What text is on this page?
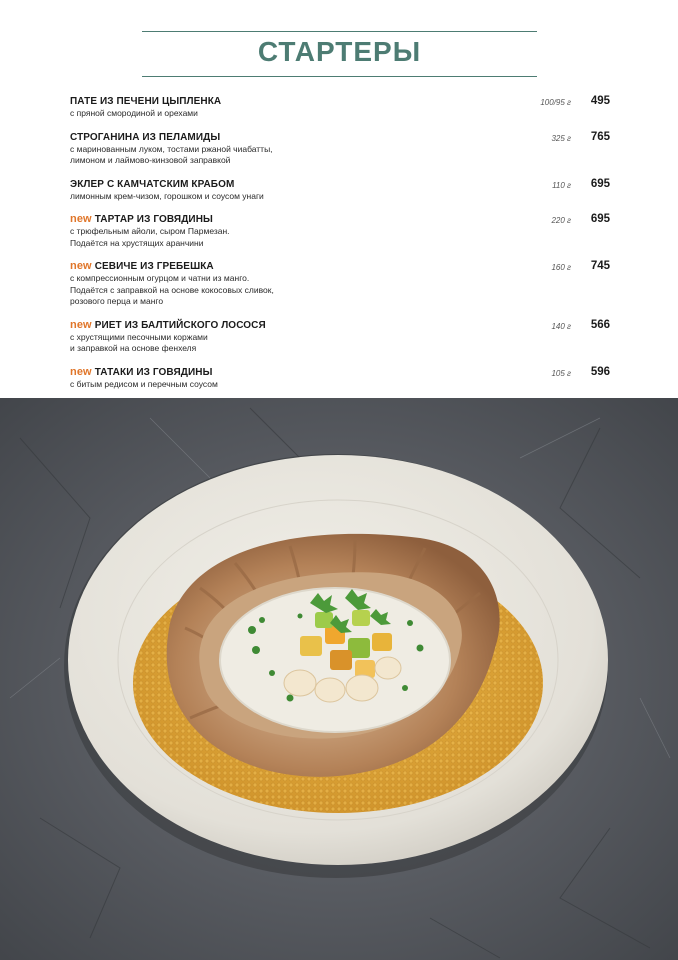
СТАРТЕРЫ
ПАТЕ ИЗ ПЕЧЕНИ ЦЫПЛЕНКА
с пряной смородиной и орехами
100/95 г 495
СТРОГАНИНА ИЗ ПЕЛАМИДЫ
с маринованным луком, тостами ржаной чиабатты,
лимоном и лаймово-кинзовой заправкой
325 г 765
ЭКЛЕР С КАМЧАТСКИМ КРАБОМ
лимонным крем-чизом, горошком и соусом унаги
110 г 695
new ТАРТАР ИЗ ГОВЯДИНЫ
с трюфельным айоли, сыром Пармезан.
Подаётся на хрустящих аранчини
220 г 695
new СЕВИЧЕ ИЗ ГРЕБЕШКА
с компрессионным огурцом и чатни из манго.
Подаётся с заправкой на основе кокосовых сливок,
розового перца и манго
160 г 745
new РИЕТ ИЗ БАЛТИЙСКОГО ЛОСОСЯ
с хрустящими песочными коржами
и заправкой на основе фенхеля
140 г 566
new ТАТАКИ ИЗ ГОВЯДИНЫ
с битым редисом и перечным соусом
105 г 596
